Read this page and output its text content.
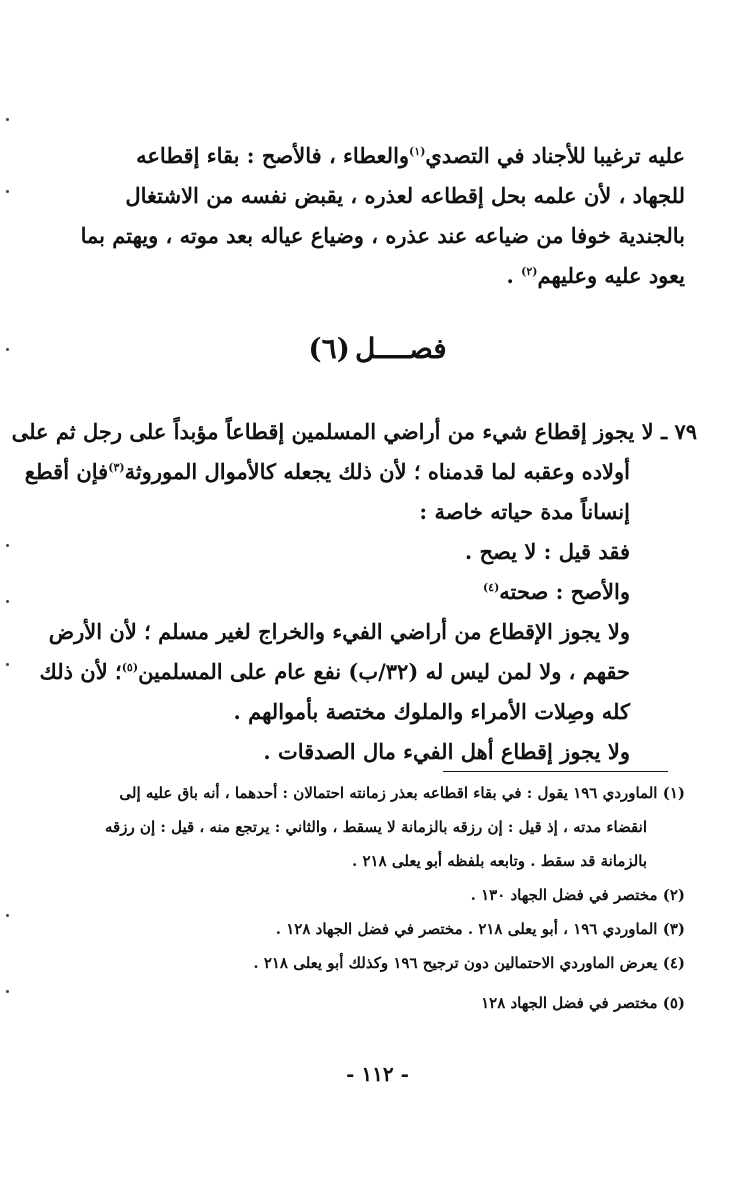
عليه ترغيبا للأجناد في التصدي$^{(١)}$والعطاء ، فالأصح : بقاء إقطاعه
للجهاد ، لأن علمه بحل إقطاعه لعذره ، يقبض نفسه من الاشتغال
بالجندية خوفا من ضياعه عند عذره ، وضياع عياله بعد موته ، ويهتم بما
يعود عليه وعليهم$^{(٢)}$ .
فصــــل (٦)
٧٩ ـ لا يجوز إقطاع شيء من أراضي المسلمين إقطاعاً مؤبداً على رجل ثم على
أولاده وعقبه لما قدمناه ؛ لأن ذلك يجعله كالأموال الموروثة$^{(٣)}$فإن أقطع
إنساناً مدة حياته خاصة :
فقد قيل : لا يصح .
والأصح : صحته$^{(٤)}$
ولا يجوز الإقطاع من أراضي الفيء والخراج لغير مسلم ؛ لأن الأرض
حقهم ، ولا لمن ليس له (٣٢/ب) نفع عام على المسلمين$^{(٥)}$؛ لأن ذلك
كله وصِلات الأمراء والملوك مختصة بأموالهم .
ولا يجوز إقطاع أهل الفيء مال الصدقات .
(١) الماوردي ١٩٦ يقول : في بقاء اقطاعه بعذر زمانته احتمالان : أحدهما ، أنه باق عليه إلى
انقضاء مدته ، إذ قيل : إن رزقه بالزمانة لا يسقط ، والثاني : يرتجع منه ، قيل : إن رزقه
بالزمانة قد سقط . وتابعه بلفظه أبو يعلى ٢١٨ .
(٢) مختصر في فضل الجهاد ١٣٠ .
(٣) الماوردي ١٩٦ ، أبو يعلى ٢١٨ . مختصر في فضل الجهاد ١٢٨ .
(٤) يعرض الماوردي الاحتمالين دون ترجيح ١٩٦ وكذلك أبو يعلى ٢١٨ .
(٥) مختصر في فضل الجهاد ١٢٨
- ١١٢ -
